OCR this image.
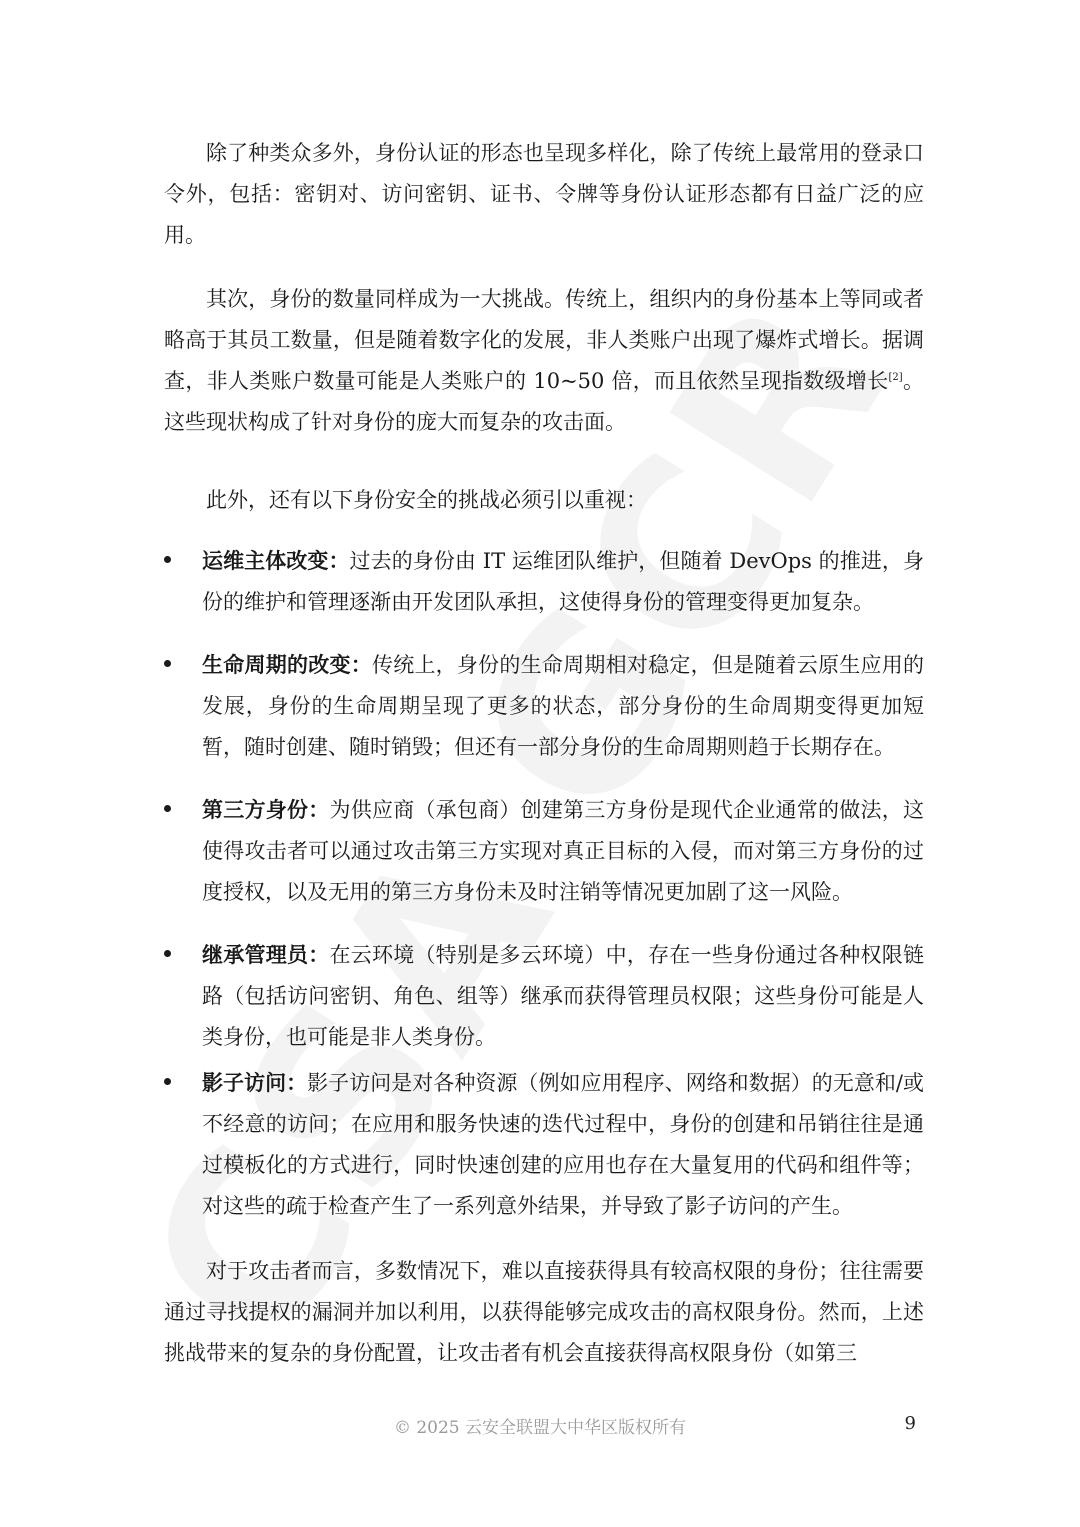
除了种类众多外，身份认证的形态也呈现多样化，除了传统上最常用的登录口令外，包括：密钥对、访问密钥、证书、令牌等身份认证形态都有日益广泛的应用。

其次，身份的数量同样成为一大挑战。传统上，组织内的身份基本上等同或者略高于其员工数量，但是随着数字化的发展，非人类账户出现了爆炸式增长。据调查，非人类账户数量可能是人类账户的 10~50 倍，而且依然呈现指数级增长[2]。这些现状构成了针对身份的庞大而复杂的攻击面。

此外，还有以下身份安全的挑战必须引以重视：

运维主体改变：过去的身份由 IT 运维团队维护，但随着 DevOps 的推进，身份的维护和管理逐渐由开发团队承担，这使得身份的管理变得更加复杂。
生命周期的改变：传统上，身份的生命周期相对稳定，但是随着云原生应用的发展，身份的生命周期呈现了更多的状态，部分身份的生命周期变得更加短暂，随时创建、随时销毁；但还有一部分身份的生命周期则趋于长期存在。
第三方身份：为供应商（承包商）创建第三方身份是现代企业通常的做法，这使得攻击者可以通过攻击第三方实现对真正目标的入侵，而对第三方身份的过度授权，以及无用的第三方身份未及时注销等情况更加剧了这一风险。
继承管理员：在云环境（特别是多云环境）中，存在一些身份通过各种权限链路（包括访问密钥、角色、组等）继承而获得管理员权限；这些身份可能是人类身份，也可能是非人类身份。
影子访问：影子访问是对各种资源（例如应用程序、网络和数据）的无意和/或不经意的访问；在应用和服务快速的迭代过程中，身份的创建和吊销往往是通过模板化的方式进行，同时快速创建的应用也存在大量复用的代码和组件等；对这些的疏于检查产生了一系列意外结果，并导致了影子访问的产生。

对于攻击者而言，多数情况下，难以直接获得具有较高权限的身份；往往需要通过寻找提权的漏洞并加以利用，以获得能够完成攻击的高权限身份。然而，上述挑战带来的复杂的身份配置，让攻击者有机会直接获得高权限身份（如第三

© 2025 云安全联盟大中华区版权所有	9
